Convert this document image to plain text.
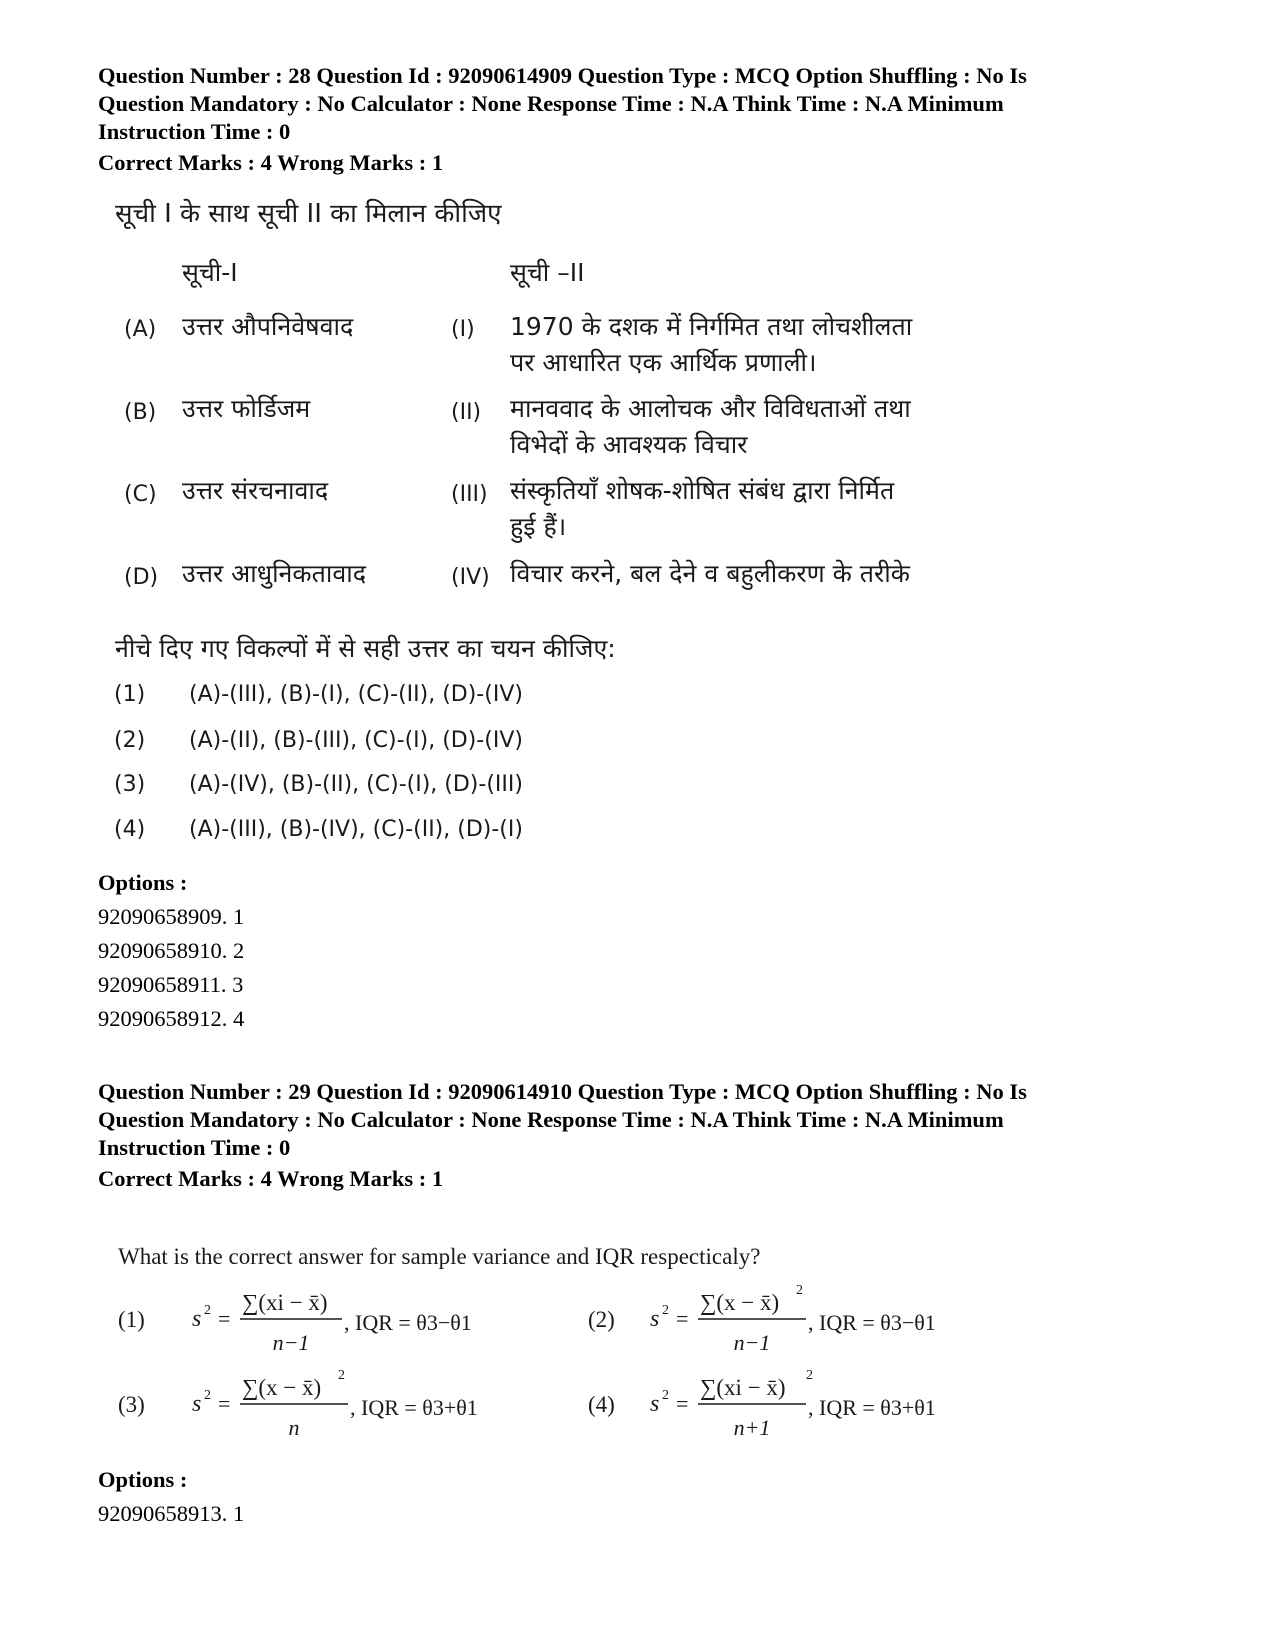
Question Number : 28 Question Id : 92090614909 Question Type : MCQ Option Shuffling : No Is
Question Mandatory : No Calculator : None Response Time : N.A Think Time : N.A Minimum
Instruction Time : 0
Correct Marks : 4 Wrong Marks : 1
सूची I के साथ सूची II का मिलान कीजिए
सूची-I	सूची –II
(A) उत्तर औपनिवेषवाद	(I) 1970 के दशक में निर्गमित तथा लोचशीलता
पर आधारित एक आर्थिक प्रणाली।
(B) उत्तर फोर्डिजम	(II) मानववाद के आलोचक और विविधताओं तथा
विभेदों के आवश्यक विचार
(C) उत्तर संरचनावाद	(III) संस्कृतियाँ शोषक-शोषित संबंध द्वारा निर्मित
हुई हैं।
(D) उत्तर आधुनिकतावाद	(IV) विचार करने, बल देने व बहुलीकरण के तरीके
नीचे दिए गए विकल्पों में से सही उत्तर का चयन कीजिए:
(1) (A)-(III), (B)-(I), (C)-(II), (D)-(IV)
(2) (A)-(II), (B)-(III), (C)-(I), (D)-(IV)
(3) (A)-(IV), (B)-(II), (C)-(I), (D)-(III)
(4) (A)-(III), (B)-(IV), (C)-(II), (D)-(I)
Options :
92090658909. 1
92090658910. 2
92090658911. 3
92090658912. 4
Question Number : 29 Question Id : 92090614910 Question Type : MCQ Option Shuffling : No Is
Question Mandatory : No Calculator : None Response Time : N.A Think Time : N.A Minimum
Instruction Time : 0
Correct Marks : 4 Wrong Marks : 1
What is the correct answer for sample variance and IQR respecticaly?
(1) s 2 =
∑(xi − x̄)
n−1
, IQR = θ3−θ1	(2) s 2 =
∑(x − x̄) 2
n−1
, IQR = θ3−θ1
(3) s 2 =
∑(x − x̄) 2
n
, IQR = θ3+θ1	(4) s 2 =
∑(xi − x̄) 2
n+1
, IQR = θ3+θ1
Options :
92090658913. 1
